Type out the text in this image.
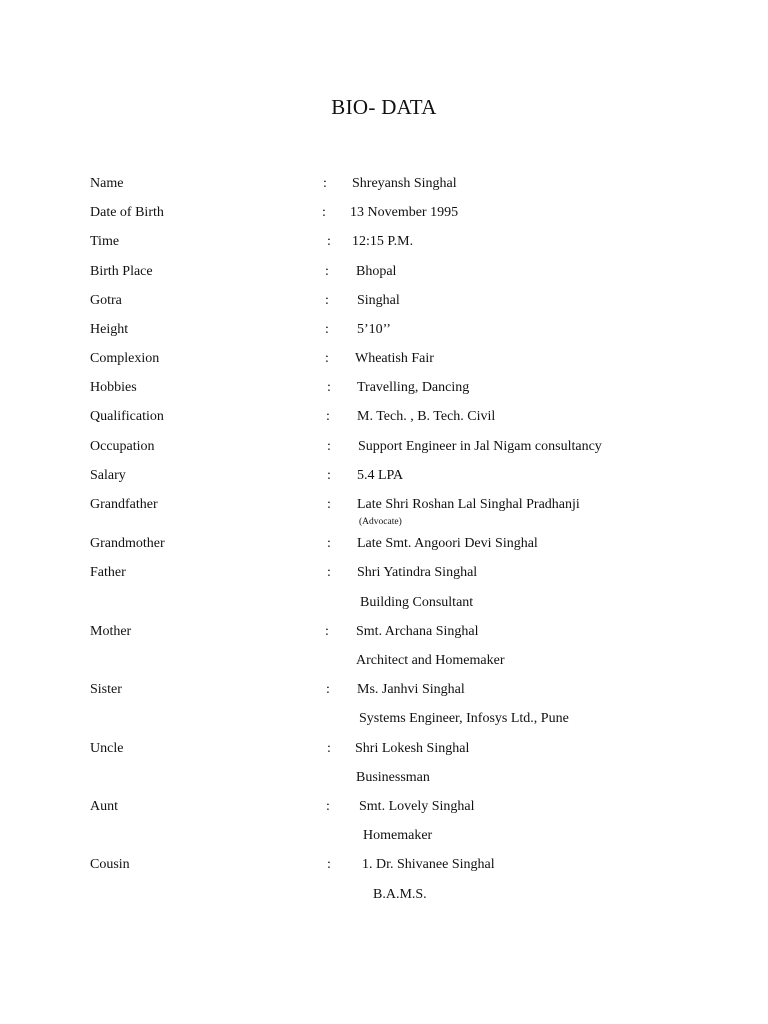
BIO- DATA
Name	: Shreyansh Singhal
Date of Birth	: 13 November 1995
Time	: 12:15 P.M.
Birth Place	: Bhopal
Gotra	: Singhal
Height	: 5’10’’
Complexion	: Wheatish Fair
Hobbies	: Travelling, Dancing
Qualification	: M. Tech. , B. Tech. Civil
Occupation	: Support Engineer in Jal Nigam consultancy
Salary	: 5.4 LPA
Grandfather	: Late Shri Roshan Lal Singhal Pradhanji
(Advocate)
Grandmother	: Late Smt. Angoori Devi Singhal
Father	: Shri Yatindra Singhal
Building Consultant
Mother	: Smt. Archana Singhal
Architect and Homemaker
Sister	: Ms. Janhvi Singhal
Systems Engineer, Infosys Ltd., Pune
Uncle	: Shri Lokesh Singhal
Businessman
Aunt	: Smt. Lovely Singhal
Homemaker
Cousin	: 1. Dr. Shivanee Singhal
B.A.M.S.
